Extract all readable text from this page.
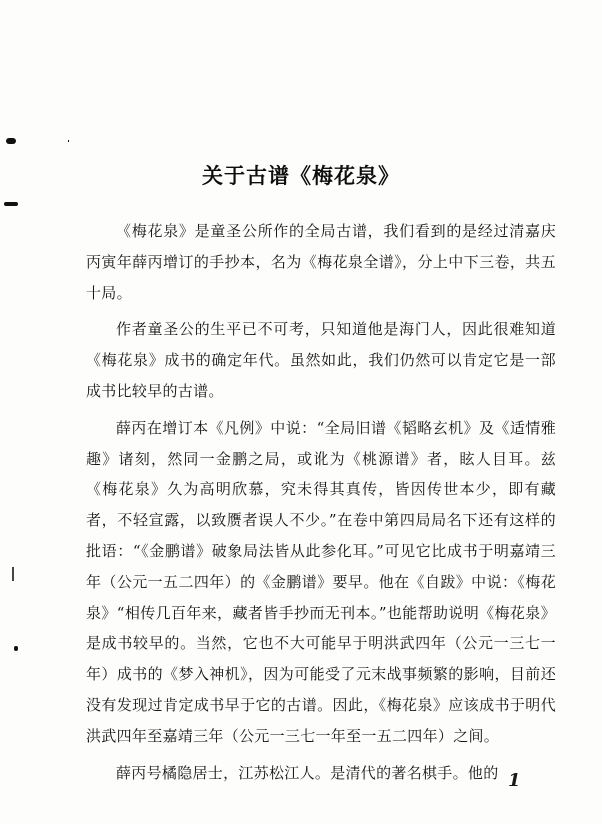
关于古谱《梅花泉》

《梅花泉》是童圣公所作的全局古谱，我们看到的是经过清嘉庆丙寅年薛丙增订的手抄本，名为《梅花泉全谱》，分上中下三卷，共五十局。

作者童圣公的生平已不可考，只知道他是海门人，因此很难知道《梅花泉》成书的确定年代。虽然如此，我们仍然可以肯定它是一部成书比较早的古谱。

薛丙在增订本《凡例》中说：“全局旧谱《韬略玄机》及《适情雅趣》诸刻，然同一金鹏之局，或讹为《桃源谱》者，眩人目耳。兹《梅花泉》久为高明欣慕，究未得其真传，皆因传世本少，即有藏者，不轻宣露，以致赝者误人不少。”在卷中第四局局名下还有这样的批语：“《金鹏谱》破象局法皆从此参化耳。”可见它比成书于明嘉靖三年（公元一五二四年）的《金鹏谱》要早。他在《自跋》中说：《梅花泉》“相传几百年来，藏者皆手抄而无刊本。”也能帮助说明《梅花泉》是成书较早的。当然，它也不大可能早于明洪武四年（公元一三七一年）成书的《梦入神机》，因为可能受了元末战事频繁的影响，目前还没有发现过肯定成书早于它的古谱。因此，《梅花泉》应该成书于明代洪武四年至嘉靖三年（公元一三七一年至一五二四年）之间。

薛丙号橘隐居士，江苏松江人。是清代的著名棋手。他的 1
